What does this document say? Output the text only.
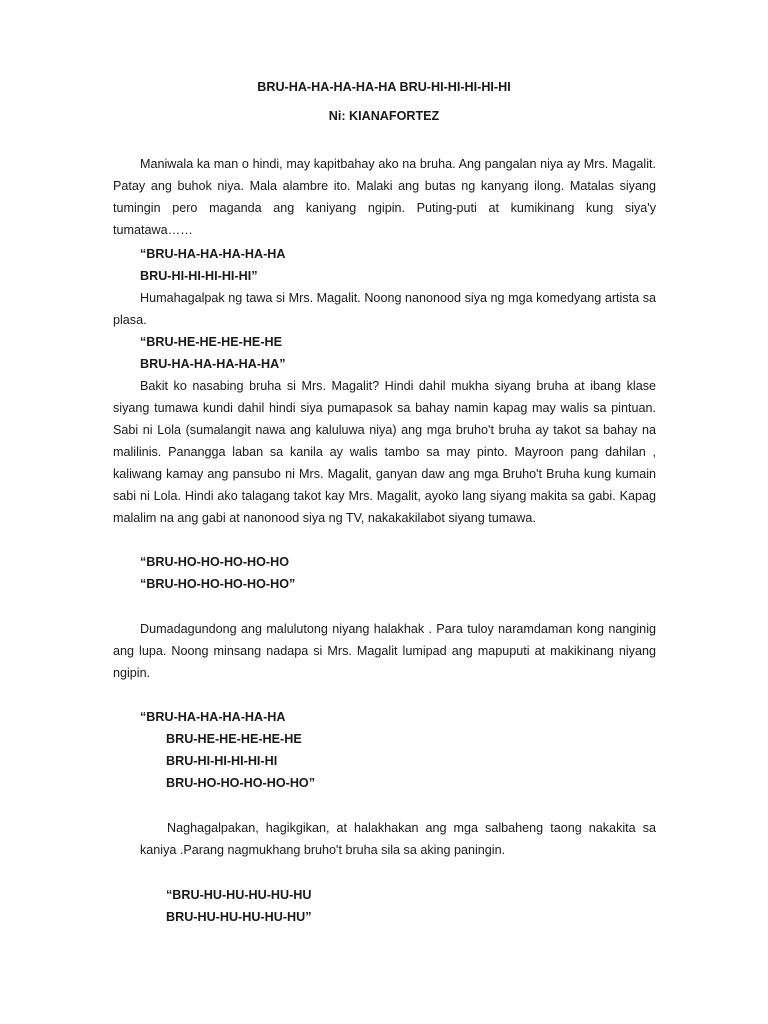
BRU-HA-HA-HA-HA-HA BRU-HI-HI-HI-HI-HI

Ni: KIANAFORTEZ

Maniwala ka man o hindi, may kapitbahay ako na bruha. Ang pangalan niya ay Mrs. Magalit. Patay ang buhok niya. Mala alambre ito. Malaki ang butas ng kanyang ilong. Matalas siyang tumingin pero maganda ang kaniyang ngipin. Puting-puti at kumikinang kung siya'y tumatawa……

“BRU-HA-HA-HA-HA-HA

BRU-HI-HI-HI-HI-HI”

Humahagalpak ng tawa si Mrs. Magalit. Noong nanonood siya ng mga komedyang artista sa plasa.

“BRU-HE-HE-HE-HE-HE

BRU-HA-HA-HA-HA-HA”

Bakit ko nasabing bruha si Mrs. Magalit? Hindi dahil mukha siyang bruha at ibang klase siyang tumawa kundi dahil hindi siya pumapasok sa bahay namin kapag may walis sa pintuan. Sabi ni Lola (sumalangit nawa ang kaluluwa niya) ang mga bruho't bruha ay takot sa bahay na malilinis. Panangga laban sa kanila ay walis tambo sa may pinto. Mayroon pang dahilan , kaliwang kamay ang pansubo ni Mrs. Magalit, ganyan daw ang mga Bruho't Bruha kung kumain sabi ni Lola. Hindi ako talagang takot kay Mrs. Magalit, ayoko lang siyang makita sa gabi. Kapag malalim na ang gabi at nanonood siya ng TV, nakakakilabot siyang tumawa.

“BRU-HO-HO-HO-HO-HO

“BRU-HO-HO-HO-HO-HO”

Dumadagundong ang malulutong niyang halakhak . Para tuloy naramdaman kong nanginig ang lupa. Noong minsang nadapa si Mrs. Magalit lumipad ang mapuputi at makikinang niyang ngipin.

“BRU-HA-HA-HA-HA-HA

BRU-HE-HE-HE-HE-HE

BRU-HI-HI-HI-HI-HI

BRU-HO-HO-HO-HO-HO”

Naghagalpakan, hagikgikan, at halakhakan ang mga salbaheng taong nakakita sa kaniya .Parang nagmukhang bruho't bruha sila sa aking paningin.

“BRU-HU-HU-HU-HU-HU

BRU-HU-HU-HU-HU-HU”
